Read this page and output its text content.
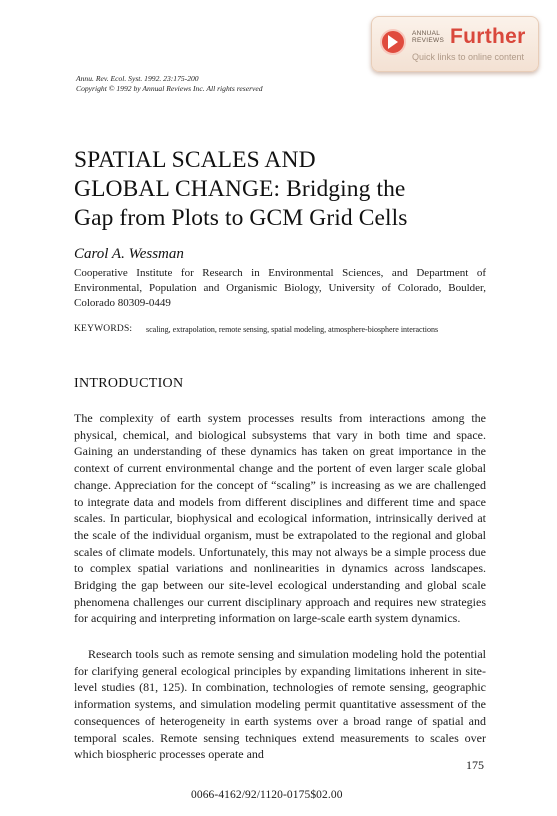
ANNUAL
REVIEWS Further
Quick links to online content
Annu. Rev. Ecol. Syst. 1992. 23:175-200
Copyright © 1992 by Annual Reviews Inc. All rights reserved
SPATIAL SCALES AND
GLOBAL CHANGE: Bridging the
Gap from Plots to GCM Grid Cells
Carol A. Wessman
Cooperative Institute for Research in Environmental Sciences, and Department of Environmental, Population and Organismic Biology, University of Colorado, Boulder, Colorado 80309-0449
KEYWORDS: scaling, extrapolation, remote sensing, spatial modeling, atmosphere-biosphere interactions
INTRODUCTION

The complexity of earth system processes results from interactions among the physical, chemical, and biological subsystems that vary in both time and space. Gaining an understanding of these dynamics has taken on great importance in the context of current environmental change and the portent of even larger scale global change. Appreciation for the concept of “scaling” is increasing as we are challenged to integrate data and models from different disciplines and different time and space scales. In particular, biophysical and ecological information, intrinsically derived at the scale of the individual organism, must be extrapolated to the regional and global scales of climate models. Unfortunately, this may not always be a simple process due to complex spatial variations and nonlinearities in dynamics across landscapes. Bridging the gap between our site-level ecological understanding and global scale phenomena challenges our current disciplinary approach and requires new strategies for acquiring and interpreting information on large-scale earth system dynamics.

Research tools such as remote sensing and simulation modeling hold the potential for clarifying general ecological principles by expanding limitations inherent in site-level studies (81, 125). In combination, technologies of remote sensing, geographic information systems, and simulation modeling permit quantitative assessment of the consequences of heterogeneity in earth systems over a broad range of spatial and temporal scales. Remote sensing techniques extend measurements to scales over which biospheric processes operate and

175
0066-4162/92/1120-0175$02.00
